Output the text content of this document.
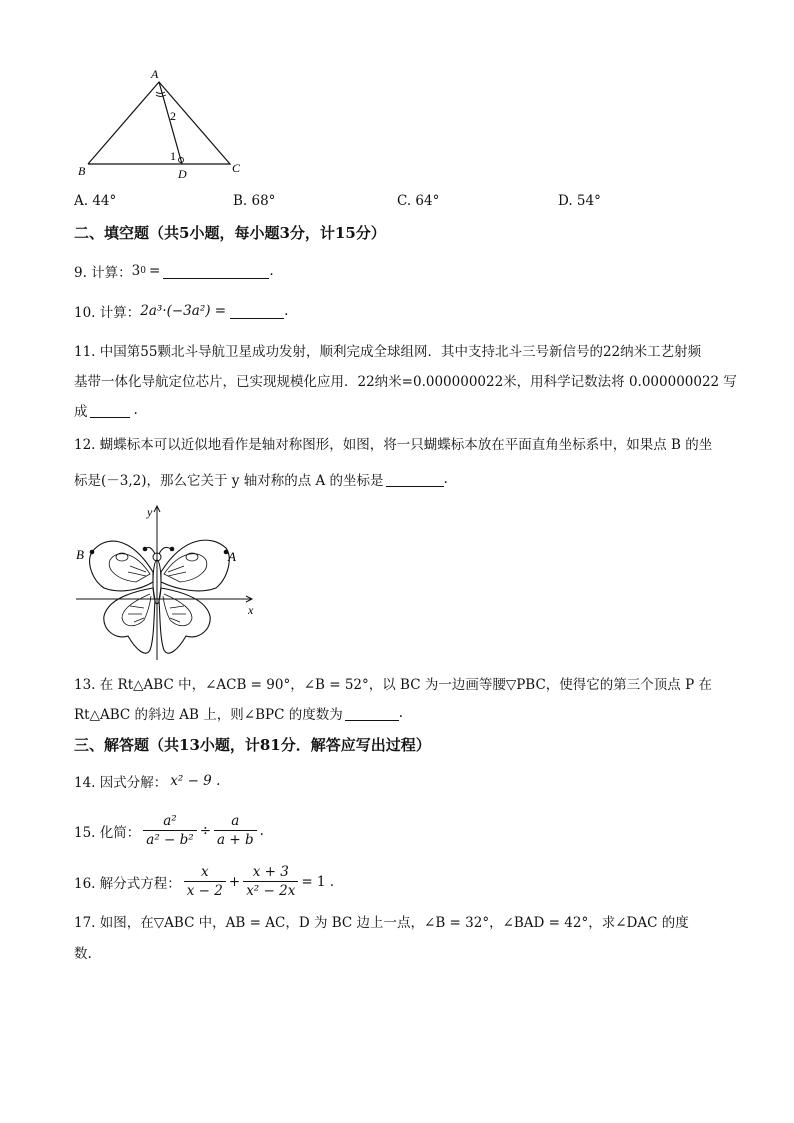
A
B	C
D
1
2
A. 44°	B. 68°	C. 64°	D. 54°
二、填空题（共5小题，每小题3分，计15分）
9. 计算： 3 0 =	.
10. 计算： 2a³·(−3a²) =	.
11. 中国第55颗北斗导航卫星成功发射，顺利完成全球组网．其中支持北斗三号新信号的22纳米工艺射频
基带一体化导航定位芯片，已实现规模化应用．22纳米=0.000000022米，用科学记数法将 0.000000022 写
成	.
12. 蝴蝶标本可以近似地看作是轴对称图形，如图，将一只蝴蝶标本放在平面直角坐标系中，如果点 B 的坐
标是(－3,2)，那么它关于 y 轴对称的点 A 的坐标是	.
y
x
B	A
13. 在 Rt△ABC 中，∠ACB = 90°，∠B = 52°，以 BC 为一边画等腰▽PBC，使得它的第三个顶点 P 在
Rt△ABC 的斜边 AB 上，则∠BPC 的度数为	.
三、解答题（共13小题，计81分．解答应写出过程）
14. 因式分解： x² − 9 .
15. 化简： $\frac{\text{a²}}{\text{a² − b²}} \div \frac{a}{a + b}$ .
16. 解分式方程： $\frac{x}{x - 2} + \frac{x + 3}{\text{x² − 2x}} = 1$ .
17. 如图，在▽ABC 中，AB = AC，D 为 BC 边上一点，∠B = 32°，∠BAD = 42°，求∠DAC 的度
数.
